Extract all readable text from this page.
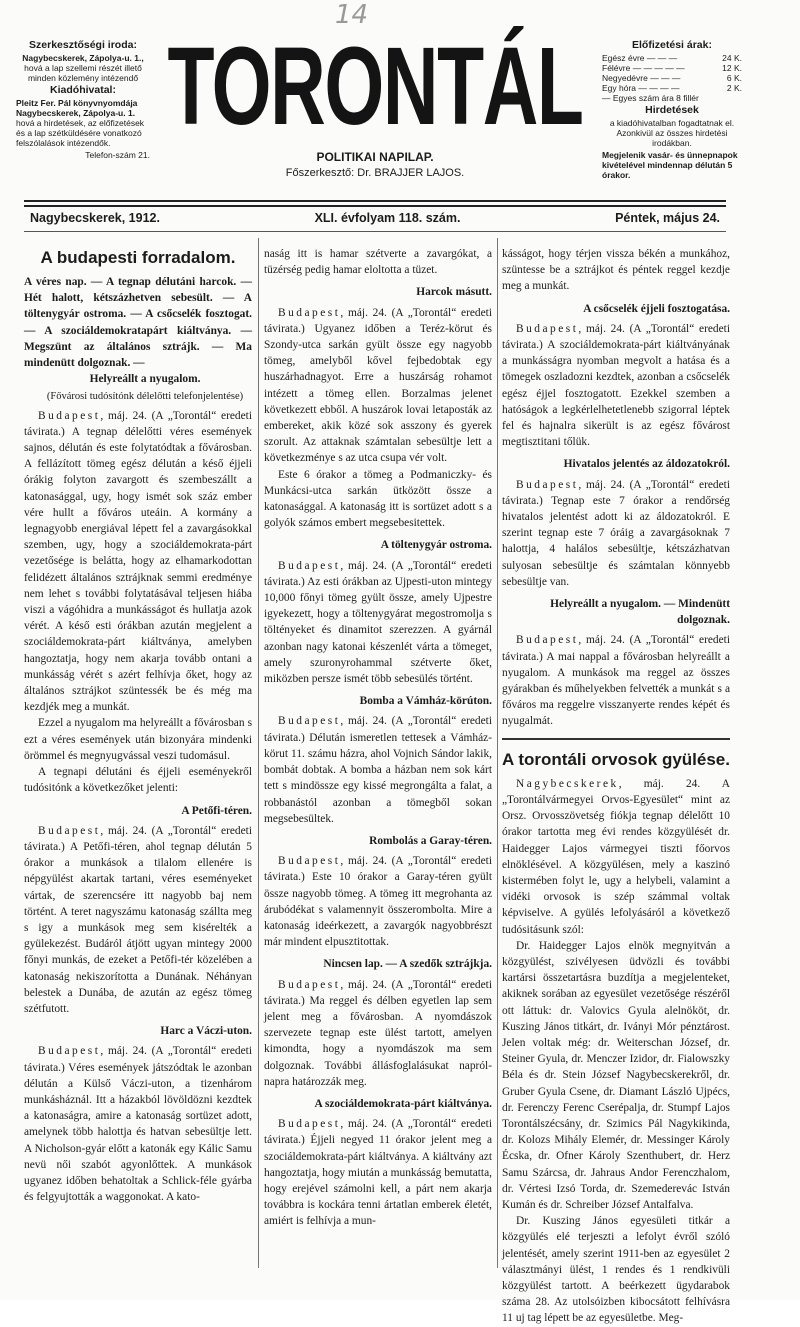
14
Szerkesztőségi iroda:
Nagybecskerek, Zápolya-u. 1.,
hová a lap szellemi részét illető minden közlemény intézendő
Kiadóhivatal:
Pleitz Fer. Pál könyvnyomdája Nagybecskerek, Zápolya-u. 1.
hová a hirdetések, az előfizetések és a lap szétküldésére vonatkozó felszólalások intézendők.
Telefon-szám 21.
TORONTÁL
POLITIKAI NAPILAP.
Főszerkesztő: Dr. BRAJJER LAJOS.
Előfizetési árak:
Egész évre — — —	24 K.
Félévre — — — — —	12 K.
Negyedévre — — —	6 K.
Egy hóra — — — —	2 K.
— Egyes szám ára 8 fillér
Hirdetések
a kiadóhivatalban fogadtatnak el. Azonkivül az összes hirdetési irodákban.
Megjelenik vasár- és ünnepnapok kivételével mindennap délután 5 órakor.
Nagybecskerek, 1912.	XLI. évfolyam 118. szám.	Péntek, május 24.
A budapesti forradalom.

A véres nap. — A tegnap délutáni harcok. — Hét halott, kétszázhetven sebesült. — A töltenygyár ostroma. — A csőcselék fosztogat. — A szociáldemokratapárt kiáltványa. — Megszünt az általános sztrájk. — Ma mindenütt dolgoznak. —

Helyreállt a nyugalom.

(Fővárosi tudósítónk délelőtti telefonjelentése)

Budapest, máj. 24. (A „Torontál“ eredeti távirata.) A tegnap délelőtti véres események sajnos, délután és este folytatódtak a fővárosban. A fellázított tömeg egész délután a késő éjjeli órákig folyton zavargott és szembeszállt a katonasággal, ugy, hogy ismét sok száz ember vére hullt a főváros uteáin. A kormány a legnagyobb energiával lépett fel a zavargásokkal szemben, ugy, hogy a szociáldemokrata-párt vezetősége is belátta, hogy az elhamarkodottan felidézett általános sztrájknak semmi eredménye nem lehet s további folytatásával teljesen hiába viszi a vágóhidra a munkásságot és hullatja azok vérét. A késő esti órákban azután megjelent a szociáldemokrata-párt kiáltványa, amelyben hangoztatja, hogy nem akarja tovább ontani a munkásság vérét s azért felhívja őket, hogy az általános sztrájkot szüntessék be és még ma kezdjék meg a munkát.

Ezzel a nyugalom ma helyreállt a fővárosban s ezt a véres események után bizonyára mindenki örömmel és megnyugvással veszi tudomásul.

A tegnapi délutáni és éjjeli eseményekről tudósitónk a következőket jelenti:

A Petőfi-téren.

Budapest, máj. 24. (A „Torontál“ eredeti távirata.) A Petőfi-téren, ahol tegnap délután 5 órakor a munkások a tilalom ellenére is népgyülést akartak tartani, véres eseményeket vártak, de szerencsére itt nagyobb baj nem történt. A teret nagyszámu katonaság szállta meg s igy a munkások meg sem kisérelték a gyülekezést. Budáról átjött ugyan mintegy 2000 főnyi munkás, de ezeket a Petőfi-tér közelében a katonaság nekiszorította a Dunának. Néhányan belestek a Dunába, de azután az egész tömeg szétfutott.

Harc a Váczi-uton.

Budapest, máj. 24. (A „Torontál“ eredeti távirata.) Véres események játszódtak le azonban délután a Külső Váczi-uton, a tizenhárom munkásháznál. Itt a házakból lövöldözni kezdtek a katonaságra, amire a katonaság sortüzet adott, amelynek több halottja és hatvan sebesültje lett. A Nicholson-gyár előtt a katonák egy Kálic Samu nevü női szabót agyonlőttek. A munkások ugyanez időben behatoltak a Schlick-féle gyárba és felgyujtották a waggonokat. A kato-

naság itt is hamar szétverte a zavargókat, a tüzérség pedig hamar eloltotta a tüzet.

Harcok másutt.

Budapest, máj. 24. (A „Torontál“ eredeti távirata.) Ugyanez időben a Teréz-körut és Szondy-utca sarkán gyült össze egy nagyobb tömeg, amelyből kővel fejbedobtak egy huszárhadnagyot. Erre a huszárság rohamot intézett a tömeg ellen. Borzalmas jelenet következett ebből. A huszárok lovai letaposták az embereket, akik közé sok asszony és gyerek szorult. Az attaknak számtalan sebesültje lett a következménye s az utca csupa vér volt.

Este 6 órakor a tömeg a Podmaniczky- és Munkácsi-utca sarkán ütközött össze a katonasággal. A katonaság itt is sortüzet adott s a golyók számos embert megsebesitettek.

A töltenygyár ostroma.

Budapest, máj. 24. (A „Torontál“ eredeti távirata.) Az esti órákban az Ujpesti-uton mintegy 10,000 főnyi tömeg gyült össze, amely Ujpestre igyekezett, hogy a töltenygyárat megostromolja s töltényeket és dinamitot szerezzen. A gyárnál azonban nagy katonai készenlét várta a tömeget, amely szuronyrohammal szétverte őket, miközben persze ismét több sebesülés történt.

Bomba a Vámház-körúton.

Budapest, máj. 24. (A „Torontál“ eredeti távirata.) Délután ismeretlen tettesek a Vámház-körut 11. számu házra, ahol Vojnich Sándor lakik, bombát dobtak. A bomba a házban nem sok kárt tett s mindössze egy kissé megrongálta a falat, a robbanástól azonban a tömegből sokan megsebesültek.

Rombolás a Garay-téren.

Budapest, máj. 24. (A „Torontál“ eredeti távirata.) Este 10 órakor a Garay-téren gyült össze nagyobb tömeg. A tömeg itt megrohanta az árubódékat s valamennyit összerombolta. Mire a katonaság ideérkezett, a zavargók nagyobbrészt már mindent elpusztitottak.

Nincsen lap. — A szedők sztrájkja.

Budapest, máj. 24. (A „Torontál“ eredeti távirata.) Ma reggel és délben egyetlen lap sem jelent meg a fővárosban. A nyomdászok szervezete tegnap este ülést tartott, amelyen kimondta, hogy a nyomdászok ma sem dolgoznak. További állásfoglalásukat napról-napra határozzák meg.

A szociáldemokrata-párt kiáltványa.

Budapest, máj. 24. (A „Torontál“ eredeti távirata.) Éjjeli negyed 11 órakor jelent meg a szociáldemokrata-párt kiáltványa. A kiáltvány azt hangoztatja, hogy miután a munkásság bemutatta, hogy erejével számolni kell, a párt nem akarja továbbra is kockára tenni ártatlan emberek életét, amiért is felhívja a mun-

kásságot, hogy térjen vissza békén a munkához, szüntesse be a sztrájkot és péntek reggel kezdje meg a munkát.

A csőcselék éjjeli fosztogatása.

Budapest, máj. 24. (A „Torontál“ eredeti távirata.) A szociáldemokrata-párt kiáltványának a munkásságra nyomban megvolt a hatása és a tömegek oszladozni kezdtek, azonban a csőcselék egész éjjel fosztogatott. Ezekkel szemben a hatóságok a legkérlelhetetlenebb szigorral léptek fel és hajnalra sikerült is az egész fővárost megtisztitani tőlük.

Hivatalos jelentés az áldozatokról.

Budapest, máj. 24. (A „Torontál“ eredeti távirata.) Tegnap este 7 órakor a rendőrség hivatalos jelentést adott ki az áldozatokról. E szerint tegnap este 7 óráig a zavargásoknak 7 halottja, 4 halálos sebesültje, kétszázhatvan sulyosan sebesültje és számtalan könnyebb sebesültje van.

Helyreállt a nyugalom. — Mindenütt dolgoznak.

Budapest, máj. 24. (A „Torontál“ eredeti távirata.) A mai nappal a fővárosban helyreállt a nyugalom. A munkások ma reggel az összes gyárakban és műhelyekben felvették a munkát s a főváros ma reggelre visszanyerte rendes képét és nyugalmát.

A torontáli orvosok gyülése.

Nagybecskerek, máj. 24. A „Torontálvármegyei Orvos-Egyesület“ mint az Orsz. Orvosszövetség fiókja tegnap délelőtt 10 órakor tartotta meg évi rendes közgyülését dr. Haidegger Lajos vármegyei tiszti főorvos elnöklésével. A közgyülésen, mely a kaszinó kistermében folyt le, ugy a helybeli, valamint a vidéki orvosok is szép számmal voltak képviselve. A gyülés lefolyásáról a következő tudósitásunk szól:

Dr. Haidegger Lajos elnök megnyitván a közgyülést, szivélyesen üdvözli és további kartársi összetartásra buzdítja a megjelenteket, akiknek sorában az egyesület vezetősége részéről ott láttuk: dr. Valovics Gyula alelnököt, dr. Kuszing János titkárt, dr. Iványi Mór pénztárost. Jelen voltak még: dr. Weiterschan József, dr. Steiner Gyula, dr. Menczer Izidor, dr. Fialowszky Béla és dr. Stein József Nagybecskerekről, dr. Gruber Gyula Csene, dr. Diamant László Ujpécs, dr. Ferenczy Ferenc Cserépalja, dr. Stumpf Lajos Torontálszécsány, dr. Szimics Pál Nagykikinda, dr. Kolozs Mihály Elemér, dr. Messinger Károly Écska, dr. Ofner Károly Szenthubert, dr. Herz Samu Szárcsa, dr. Jahraus Andor Ferenczhalom, dr. Vértesi Izsó Torda, dr. Szemederevác István Kumán és dr. Schreiber József Antalfalva.

Dr. Kuszing János egyesületi titkár a közgyülés elé terjeszti a lefolyt évről szóló jelentését, amely szerint 1911-ben az egyesület 2 választmányi ülést, 1 rendes és 1 rendkivüli közgyülést tartott. A beérkezett ügydarabok száma 28. Az utolsóizben kibocsátott felhívásra 11 uj tag lépett be az egyesületbe. Meg-
